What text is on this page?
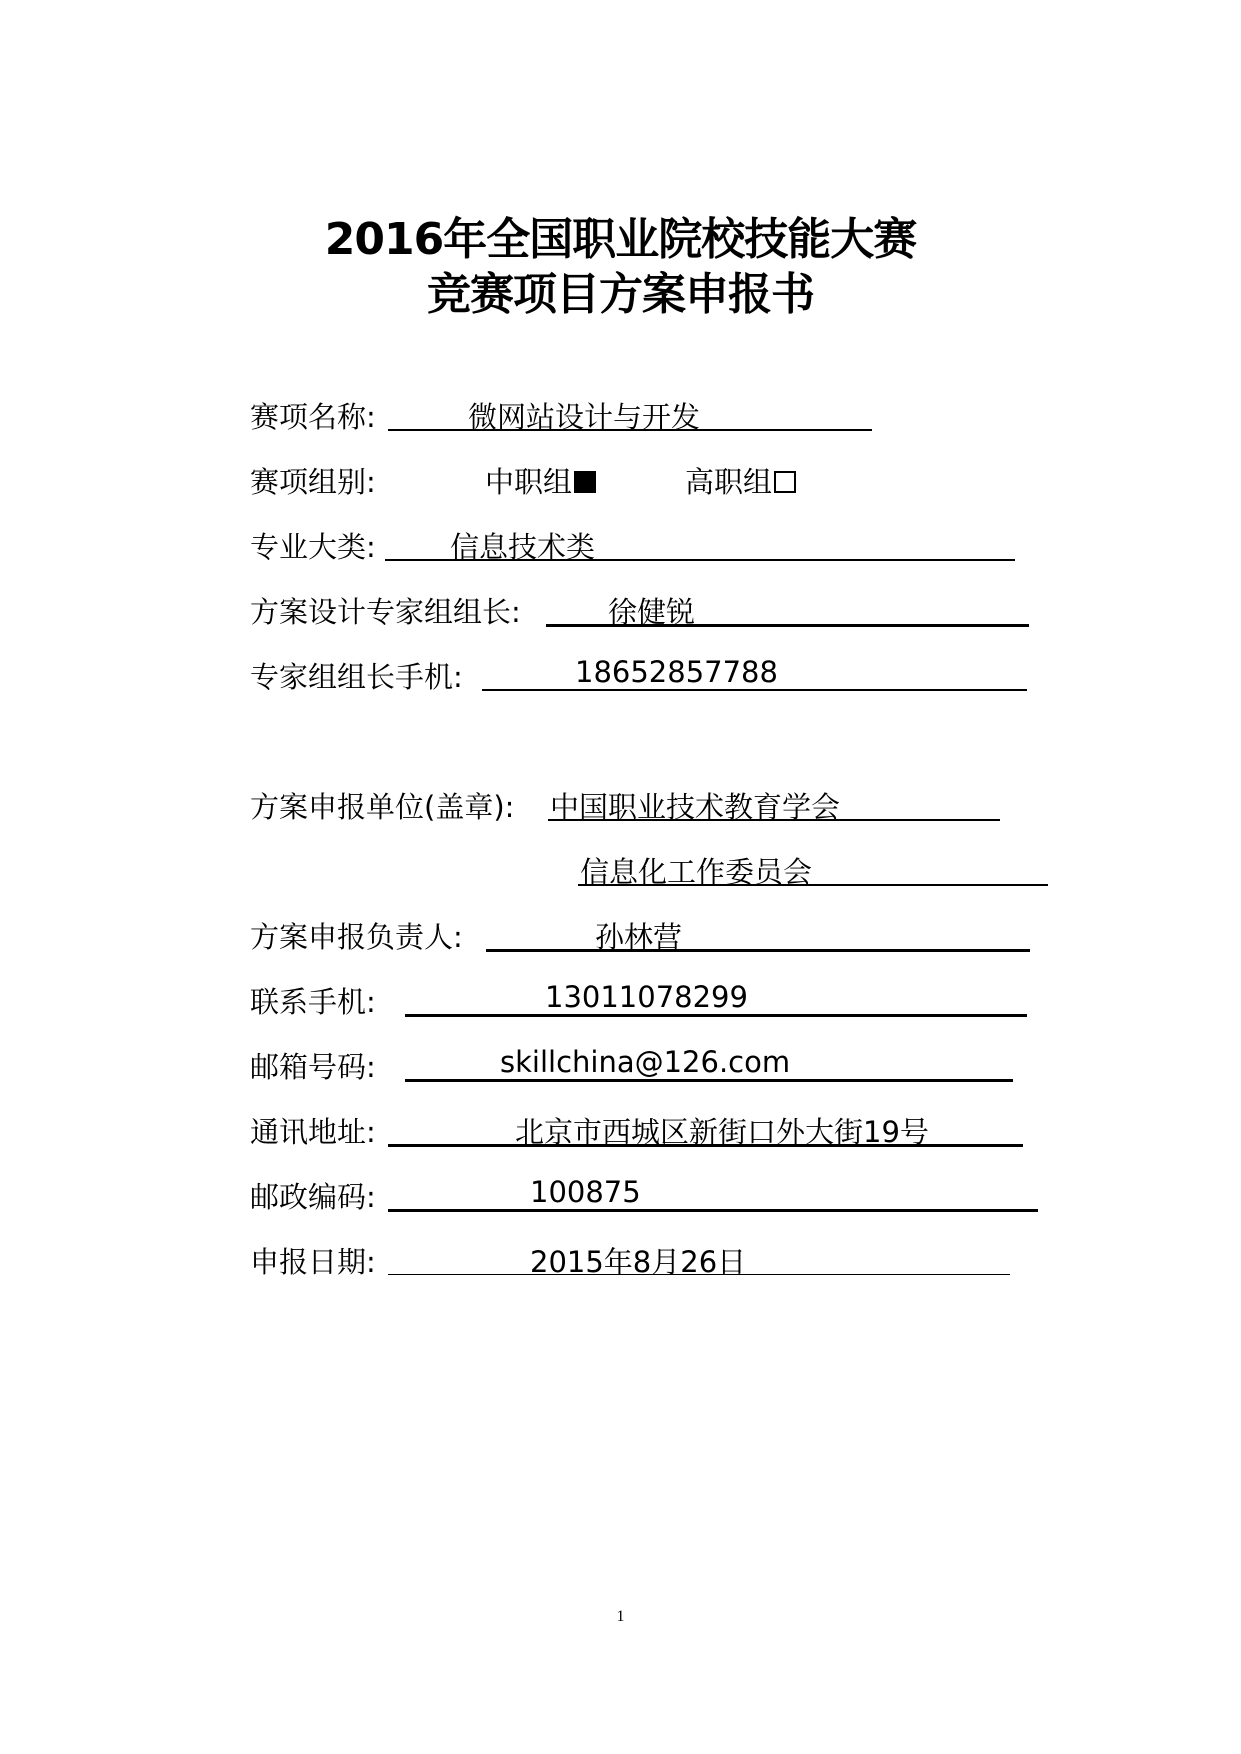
2016年全国职业院校技能大赛
竞赛项目方案申报书
赛项名称:	微网站设计与开发
赛项组别:	中职组	高职组
专业大类:	信息技术类
方案设计专家组组长:	徐健锐
专家组组长手机:	18652857788
方案申报单位(盖章): 中国职业技术教育学会
信息化工作委员会
方案申报负责人:	孙林营
联系手机:	13011078299
邮箱号码:	skillchina@126.com
通讯地址:	北京市西城区新街口外大街19号
邮政编码:	100875
申报日期:	2015年8月26日
1
